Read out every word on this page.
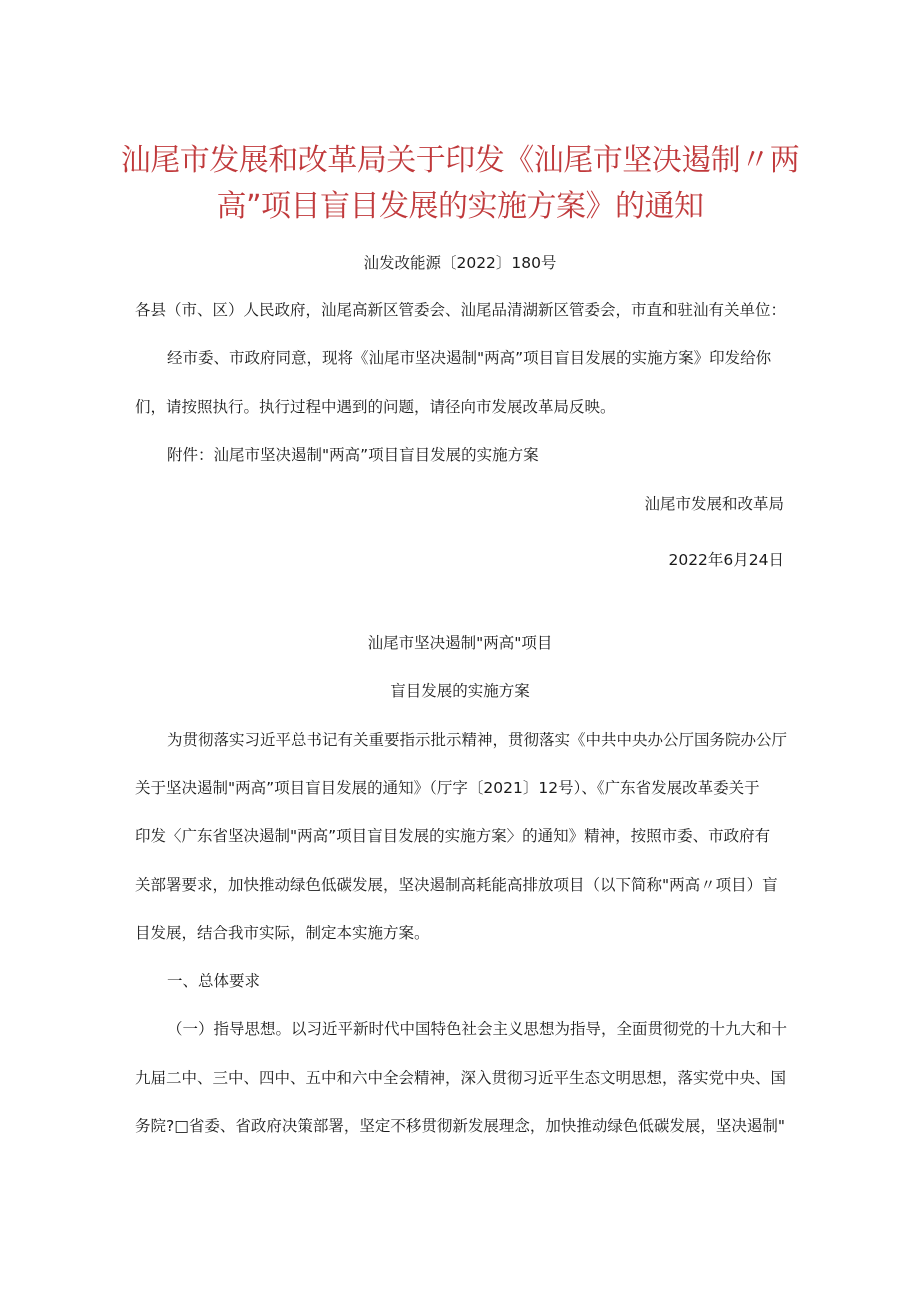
汕尾市发展和改革局关于印发《汕尾市坚决遏制〃两
高”项目盲目发展的实施方案》的通知
汕发改能源〔2022〕180号
各县（市、区）人民政府，汕尾高新区管委会、汕尾品清湖新区管委会，市直和驻汕有关单位：
经市委、市政府同意，现将《汕尾市坚决遏制"两高”项目盲目发展的实施方案》印发给你
们，请按照执行。执行过程中遇到的问题，请径向市发展改革局反映。
附件：汕尾市坚决遏制"两高”项目盲目发展的实施方案
汕尾市发展和改革局
2022年6月24日
汕尾市坚决遏制"两高"项目
盲目发展的实施方案
为贯彻落实习近平总书记有关重要指示批示精神，贯彻落实《中共中央办公厅国务院办公厅
关于坚决遏制"两高”项目盲目发展的通知》（厅字〔2021〕12号）、《广东省发展改革委关于
印发〈广东省坚决遏制"两高”项目盲目发展的实施方案〉的通知》精神，按照市委、市政府有
关部署要求，加快推动绿色低碳发展，坚决遏制高耗能高排放项目（以下简称"两高〃项目）盲
目发展，结合我市实际，制定本实施方案。
一、总体要求
（一）指导思想。以习近平新时代中国特色社会主义思想为指导，全面贯彻党的十九大和十
九届二中、三中、四中、五中和六中全会精神，深入贯彻习近平生态文明思想，落实党中央、国
务院?□省委、省政府决策部署，坚定不移贯彻新发展理念，加快推动绿色低碳发展，坚决遏制"
